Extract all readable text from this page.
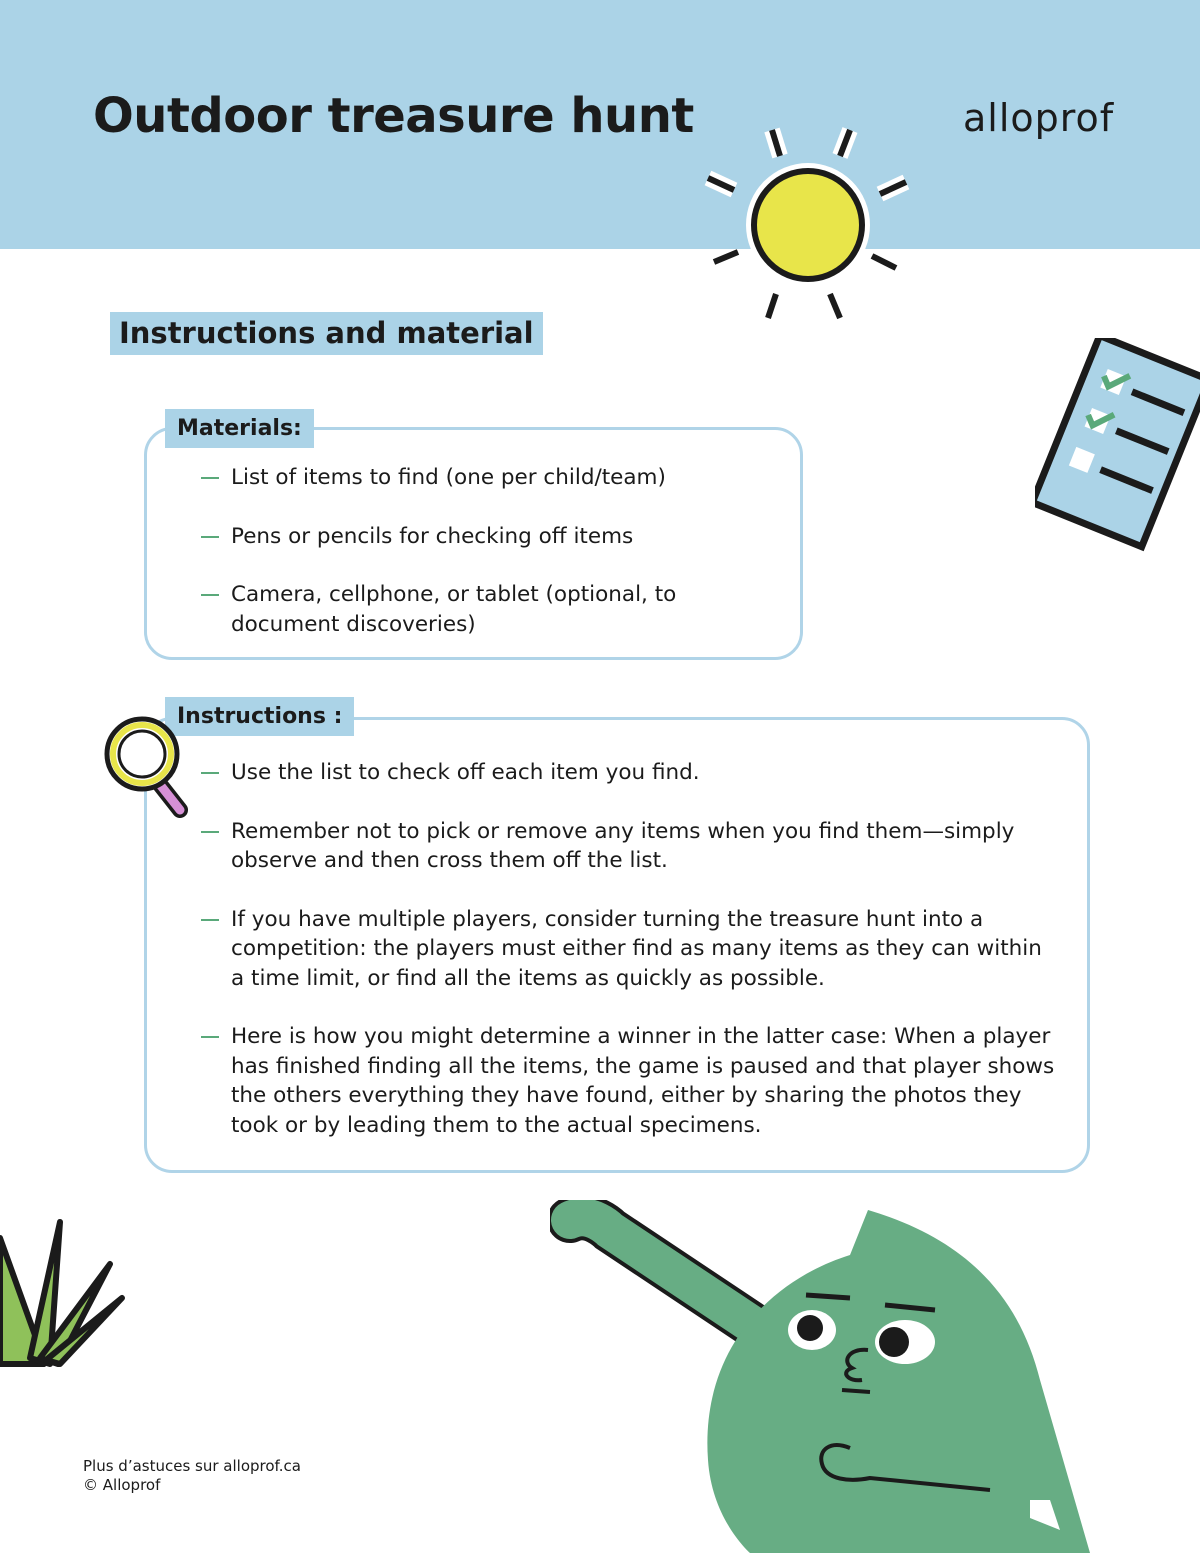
Outdoor treasure hunt	alloprof
Instructions and material
Materials:
List of items to find (one per child/team)
Pens or pencils for checking off items
Camera, cellphone, or tablet (optional, to document discoveries)
Instructions :
Use the list to check off each item you find.
Remember not to pick or remove any items when you find them—simply observe and then cross them off the list.
If you have multiple players, consider turning the treasure hunt into a competition: the players must either find as many items as they can within a time limit, or find all the items as quickly as possible.
Here is how you might determine a winner in the latter case: When a player has finished finding all the items, the game is paused and that player shows the others everything they have found, either by sharing the photos they took or by leading them to the actual specimens.
Plus d’astuces sur alloprof.ca
© Alloprof
